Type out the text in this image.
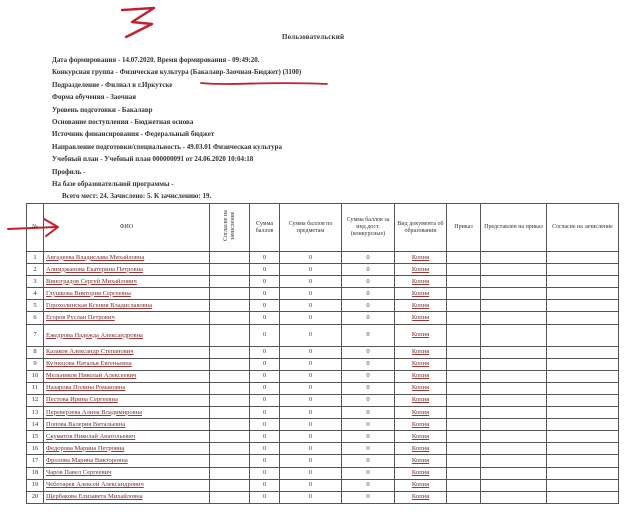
3	Пользовательский
Дата формирования - 14.07.2020. Время формирования - 09:49:20.
Конкурсная группа - Физическая культура (Бакалавр-Заочная-Бюджет) (3100)
Подразделение - Филиал в г.Иркутске
Форма обучения - Заочная
Уровень подготовки - Бакалавр
Основание поступления - Бюджетная основа
Источник финансирования - Федеральный бюджет
Направление подготовки/специальность - 49.03.01 Физическая культура
Учебный план - Учебный план 000000091 от 24.06.2020 10:04:18
Профиль -
На базе образовательной программы -
Всего мест: 24. Зачислено: 5. К зачислению: 19.
№	ФИО	Согласие на зачисление	Сумма баллов	Сумма баллов по предметам	Сумма баллов за инд.дост.(конкурсные)	Вид документа об образовании	Приказ	Представлен на приказ	Согласие на зачисление
1	Авгадеева Владислава Михайловна		0	0	0	Копия			
2	Алимджанова Екатерина Петровна		0	0	0	Копия			
3	Виноградов Сергей Михайлович		0	0	0	Копия			
4	Глушкова Виктория Сергеевна		0	0	0	Копия			
5	Горохолинская Ксения Владиславовна		0	0	0	Копия			
6	Егоров Руслан Петрович		0	0	0	Копия			
7	Ежедрова Надежда Александровна		0	0	0	Копия			
8	Казаков Александр Степанович		0	0	0	Копия			
9	Кузнецова Наталья Евгеньевна		0	0	0	Копия			
10	Мельников Николай Алексеевич		0	0	0	Копия			
11	Назарова Полина Романовна		0	0	0	Копия			
12	Пестова Ирина Сергеевна		0	0	0	Копия			
13	Переверзева Алина Владимировна		0	0	0	Копия			
14	Попова Валерия Витальевна		0	0	0	Копия			
15	Скуматов Николай Анатольевич		0	0	0	Копия			
16	Федорова Марина Петровна		0	0	0	Копия			
17	Фролова Марина Викторовна		0	0	0	Копия			
18	Чаров Павел Сергеевич		0	0	0	Копия			
19	Чеботарев Алексей Александрович		0	0	0	Копия			
20	Щербакова Елизавета Михайловна		0	0	0	Копия			
